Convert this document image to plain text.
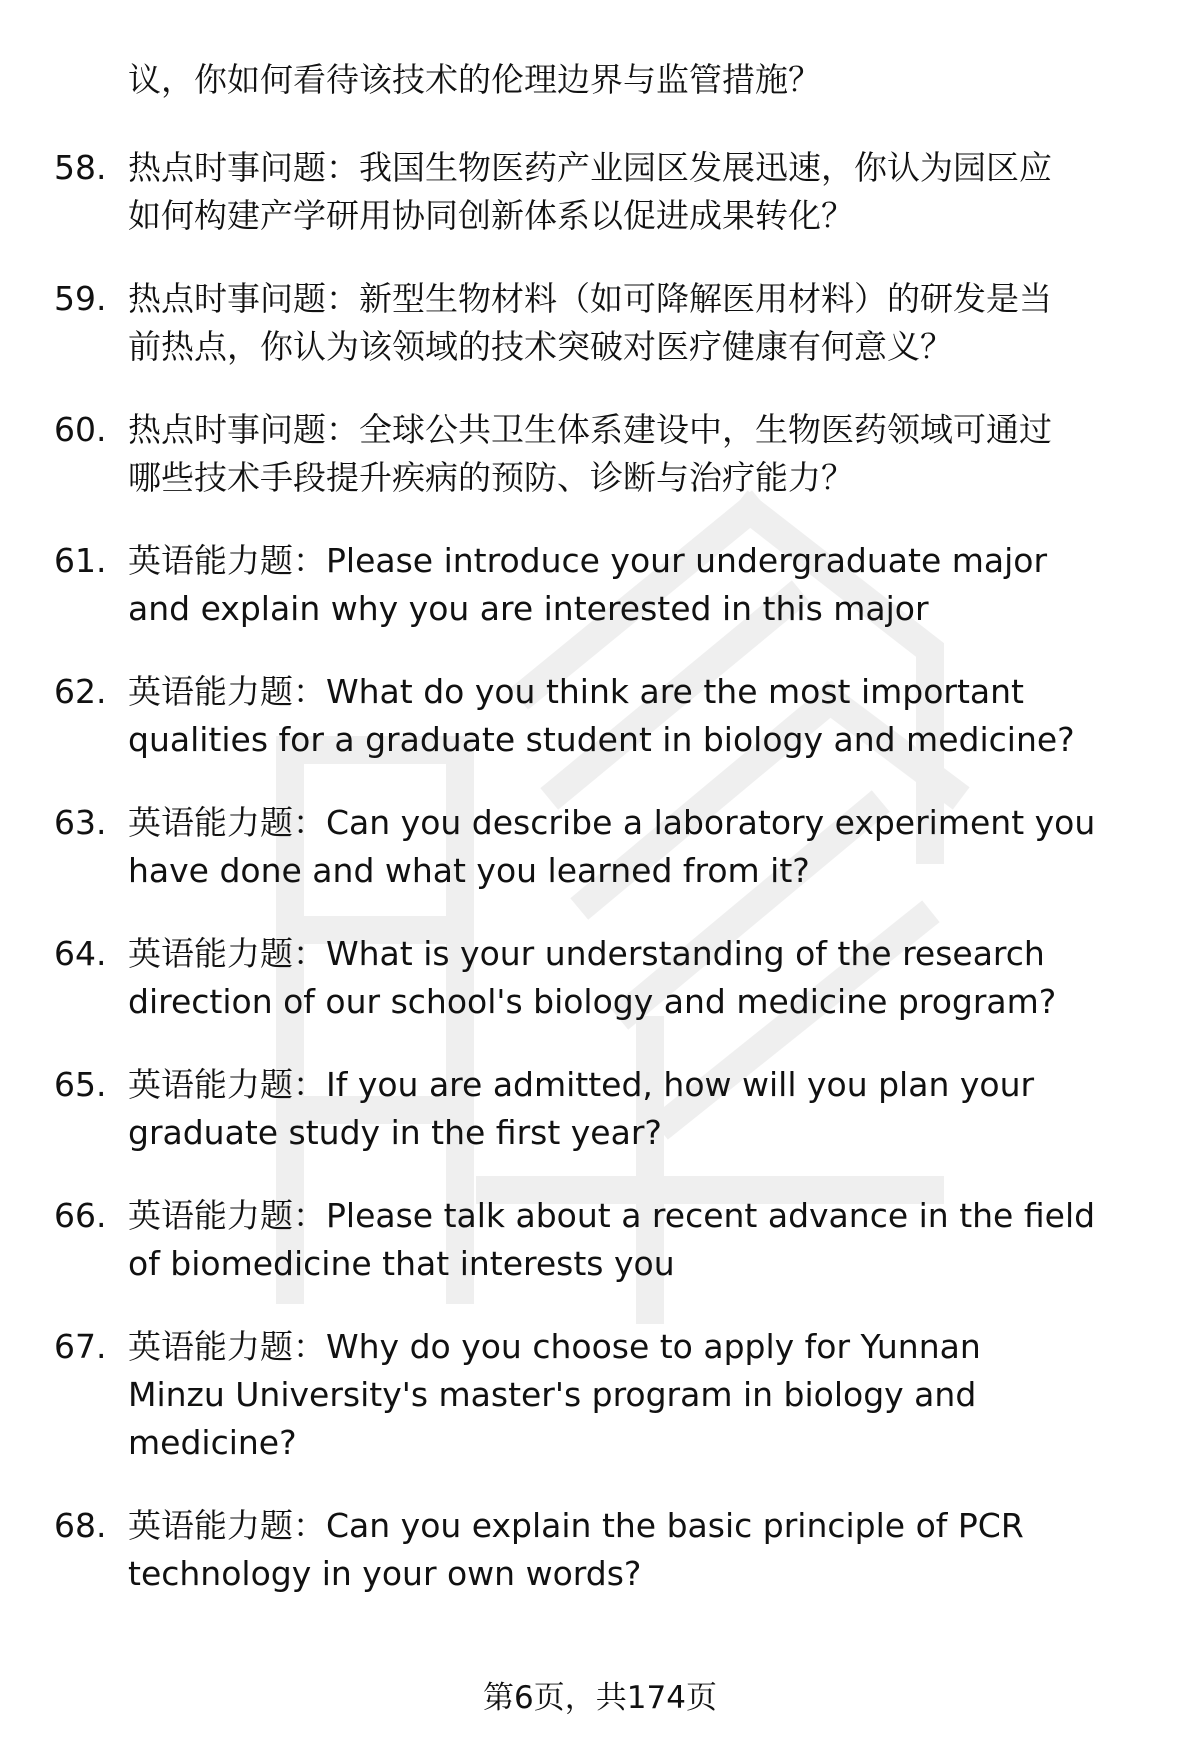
议，你如何看待该技术的伦理边界与监管措施？
58. 热点时事问题：我国生物医药产业园区发展迅速，你认为园区应
如何构建产学研用协同创新体系以促进成果转化？
59. 热点时事问题：新型生物材料（如可降解医用材料）的研发是当
前热点，你认为该领域的技术突破对医疗健康有何意义？
60. 热点时事问题：全球公共卫生体系建设中，生物医药领域可通过
哪些技术手段提升疾病的预防、诊断与治疗能力？
61. 英语能力题：Please introduce your undergraduate major
and explain why you are interested in this major
62. 英语能力题：What do you think are the most important
qualities for a graduate student in biology and medicine?
63. 英语能力题：Can you describe a laboratory experiment you
have done and what you learned from it?
64. 英语能力题：What is your understanding of the research
direction of our school's biology and medicine program?
65. 英语能力题：If you are admitted, how will you plan your
graduate study in the first year?
66. 英语能力题：Please talk about a recent advance in the field
of biomedicine that interests you
67. 英语能力题：Why do you choose to apply for Yunnan
Minzu University's master's program in biology and
medicine?
68. 英语能力题：Can you explain the basic principle of PCR
technology in your own words?
第6页，共174页
